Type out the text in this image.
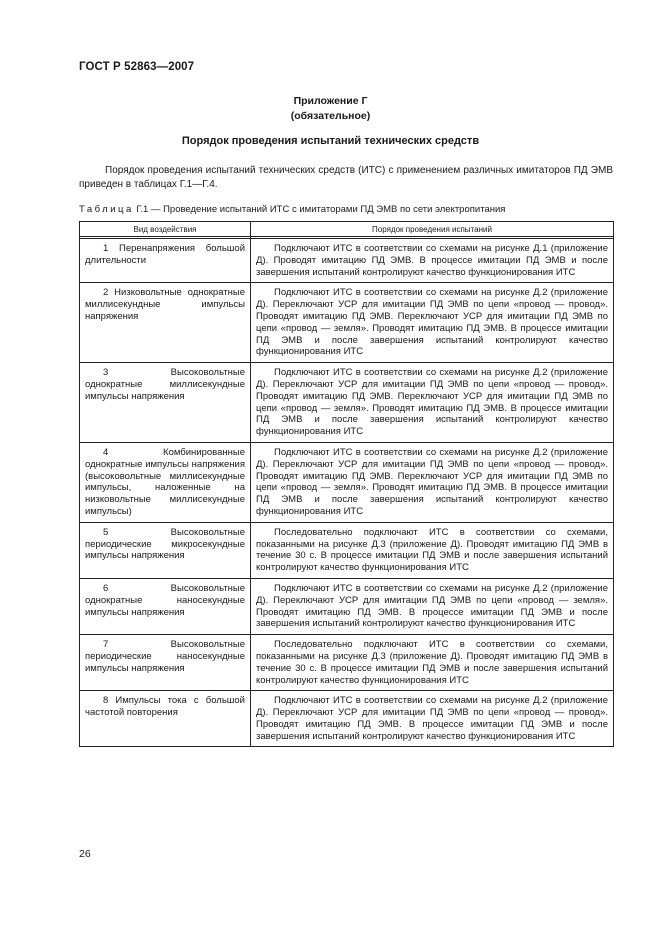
ГОСТ Р 52863—2007
Приложение Г
(обязательное)
Порядок проведения испытаний технических средств
Порядок проведения испытаний технических средств (ИТС) с применением различных имитаторов ПД ЭМВ приведен в таблицах Г.1—Г.4.
Таблица Г.1 — Проведение испытаний ИТС с имитаторами ПД ЭМВ по сети электропитания
Вид воздействия	Порядок проведения испытаний

1 Перенапряжения большой длительности	Подключают ИТС в соответствии со схемами на рисунке Д.1 (приложение Д). Проводят имитацию ПД ЭМВ. В процессе имитации ПД ЭМВ и после завершения испытаний контролируют качество функционирования ИТС

2 Низковольтные однократные миллисекундные импульсы напряжения	Подключают ИТС в соответствии со схемами на рисунке Д.2 (приложение Д). Переключают УСР для имитации ПД ЭМВ по цепи «провод — провод». Проводят имитацию ПД ЭМВ. Переключают УСР для имитации ПД ЭМВ по цепи «провод — земля». Проводят имитацию ПД ЭМВ. В процессе имитации ПД ЭМВ и после завершения испытаний контролируют качество функционирования ИТС

3 Высоковольтные однократные миллисекундные импульсы напряжения	Подключают ИТС в соответствии со схемами на рисунке Д.2 (приложение Д). Переключают УСР для имитации ПД ЭМВ по цепи «провод — провод». Проводят имитацию ПД ЭМВ. Переключают УСР для имитации ПД ЭМВ по цепи «провод — земля». Проводят имитацию ПД ЭМВ. В процессе имитации ПД ЭМВ и после завершения испытаний контролируют качество функционирования ИТС

4 Комбинированные однократные импульсы напряжения (высоковольтные миллисекундные импульсы, наложенные на низковольтные миллисекундные импульсы)	Подключают ИТС в соответствии со схемами на рисунке Д.2 (приложение Д). Переключают УСР для имитации ПД ЭМВ по цепи «провод — провод». Проводят имитацию ПД ЭМВ. Переключают УСР для имитации ПД ЭМВ по цепи «провод — земля». Проводят имитацию ПД ЭМВ. В процессе имитации ПД ЭМВ и после завершения испытаний контролируют качество функционирования ИТС

5 Высоковольтные периодические микросекундные импульсы напряжения	Последовательно подключают ИТС в соответствии со схемами, показанными на рисунке Д.3 (приложение Д). Проводят имитацию ПД ЭМВ в течение 30 с. В процессе имитации ПД ЭМВ и после завершения испытаний контролируют качество функционирования ИТС

6 Высоковольтные однократные наносекундные импульсы напряжения	Подключают ИТС в соответствии со схемами на рисунке Д.2 (приложение Д). Переключают УСР для имитации ПД ЭМВ по цепи «провод — земля». Проводят имитацию ПД ЭМВ. В процессе имитации ПД ЭМВ и после завершения испытаний контролируют качество функционирования ИТС

7 Высоковольтные периодические наносекундные импульсы напряжения	Последовательно подключают ИТС в соответствии со схемами, показанными на рисунке Д.3 (приложение Д). Проводят имитацию ПД ЭМВ в течение 30 с. В процессе имитации ПД ЭМВ и после завершения испытаний контролируют качество функционирования ИТС

8 Импульсы тока с большой частотой повторения	Подключают ИТС в соответствии со схемами на рисунке Д.2 (приложение Д). Переключают УСР для имитации ПД ЭМВ по цепи «провод — провод». Проводят имитацию ПД ЭМВ. В процессе имитации ПД ЭМВ и после завершения испытаний контролируют качество функционирования ИТС
26
